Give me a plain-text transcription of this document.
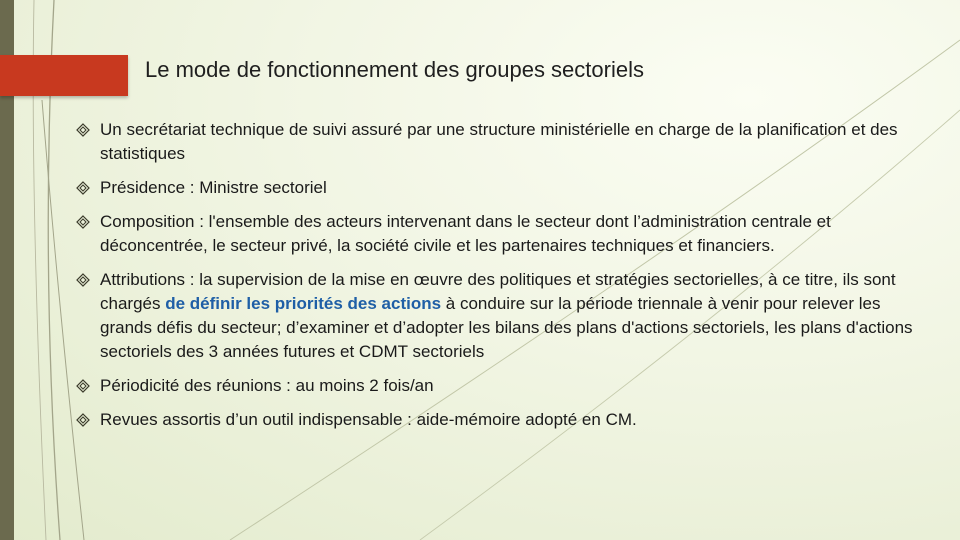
Le mode de fonctionnement des groupes sectoriels
Un secrétariat technique de suivi assuré par une structure ministérielle en charge de la planification et des statistiques
Présidence : Ministre sectoriel
Composition : l'ensemble des acteurs intervenant dans le secteur dont l’administration centrale et déconcentrée, le secteur privé, la société civile et les partenaires techniques et financiers.
Attributions : la supervision de la mise en œuvre des politiques et stratégies sectorielles, à ce titre, ils sont chargés de définir les priorités des actions à conduire sur la période triennale à venir pour relever les grands défis du secteur; d’examiner et d’adopter les bilans des plans d'actions sectoriels, les plans d'actions sectoriels des 3 années futures et CDMT sectoriels
Périodicité des réunions : au moins 2 fois/an
Revues assortis d’un outil indispensable : aide-mémoire adopté en CM.
